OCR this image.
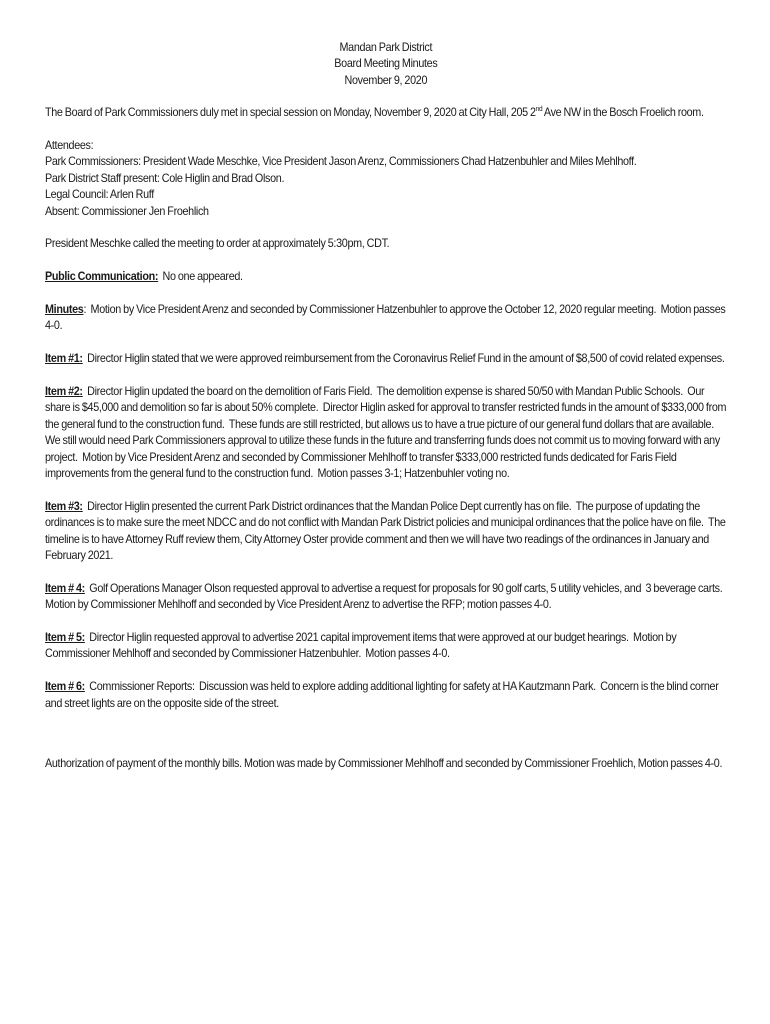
Mandan Park District
Board Meeting Minutes
November 9, 2020

The Board of Park Commissioners duly met in special session on Monday, November 9, 2020 at City Hall, 205 2nd Ave NW in the Bosch Froelich room.

Attendees:
Park Commissioners: President Wade Meschke, Vice President Jason Arenz, Commissioners Chad Hatzenbuhler and Miles Mehlhoff.
Park District Staff present: Cole Higlin and Brad Olson.
Legal Council: Arlen Ruff
Absent: Commissioner Jen Froehlich

President Meschke called the meeting to order at approximately 5:30pm, CDT.

Public Communication:  No one appeared.

Minutes:  Motion by Vice President Arenz and seconded by Commissioner Hatzenbuhler to approve the October 12, 2020 regular meeting.  Motion passes 4-0.

Item #1:  Director Higlin stated that we were approved reimbursement from the Coronavirus Relief Fund in the amount of $8,500 of covid related expenses.

Item #2:  Director Higlin updated the board on the demolition of Faris Field.  The demolition expense is shared 50/50 with Mandan Public Schools.  Our share is $45,000 and demolition so far is about 50% complete.  Director Higlin asked for approval to transfer restricted funds in the amount of $333,000 from the general fund to the construction fund.  These funds are still restricted, but allows us to have a true picture of our general fund dollars that are available.  We still would need Park Commissioners approval to utilize these funds in the future and transferring funds does not commit us to moving forward with any project.  Motion by Vice President Arenz and seconded by Commissioner Mehlhoff to transfer $333,000 restricted funds dedicated for Faris Field improvements from the general fund to the construction fund.  Motion passes 3-1; Hatzenbuhler voting no.

Item #3:  Director Higlin presented the current Park District ordinances that the Mandan Police Dept currently has on file.  The purpose of updating the ordinances is to make sure the meet NDCC and do not conflict with Mandan Park District policies and municipal ordinances that the police have on file.  The timeline is to have Attorney Ruff review them, City Attorney Oster provide comment and then we will have two readings of the ordinances in January and February 2021.

Item # 4:  Golf Operations Manager Olson requested approval to advertise a request for proposals for 90 golf carts, 5 utility vehicles, and  3 beverage carts.  Motion by Commissioner Mehlhoff and seconded by Vice President Arenz to advertise the RFP; motion passes 4-0.

Item # 5:  Director Higlin requested approval to advertise 2021 capital improvement items that were approved at our budget hearings.  Motion by Commissioner Mehlhoff and seconded by Commissioner Hatzenbuhler.  Motion passes 4-0.

Item # 6:  Commissioner Reports:  Discussion was held to explore adding additional lighting for safety at HA Kautzmann Park.  Concern is the blind corner and street lights are on the opposite side of the street.

Authorization of payment of the monthly bills. Motion was made by Commissioner Mehlhoff and seconded by Commissioner Froehlich, Motion passes 4-0.
